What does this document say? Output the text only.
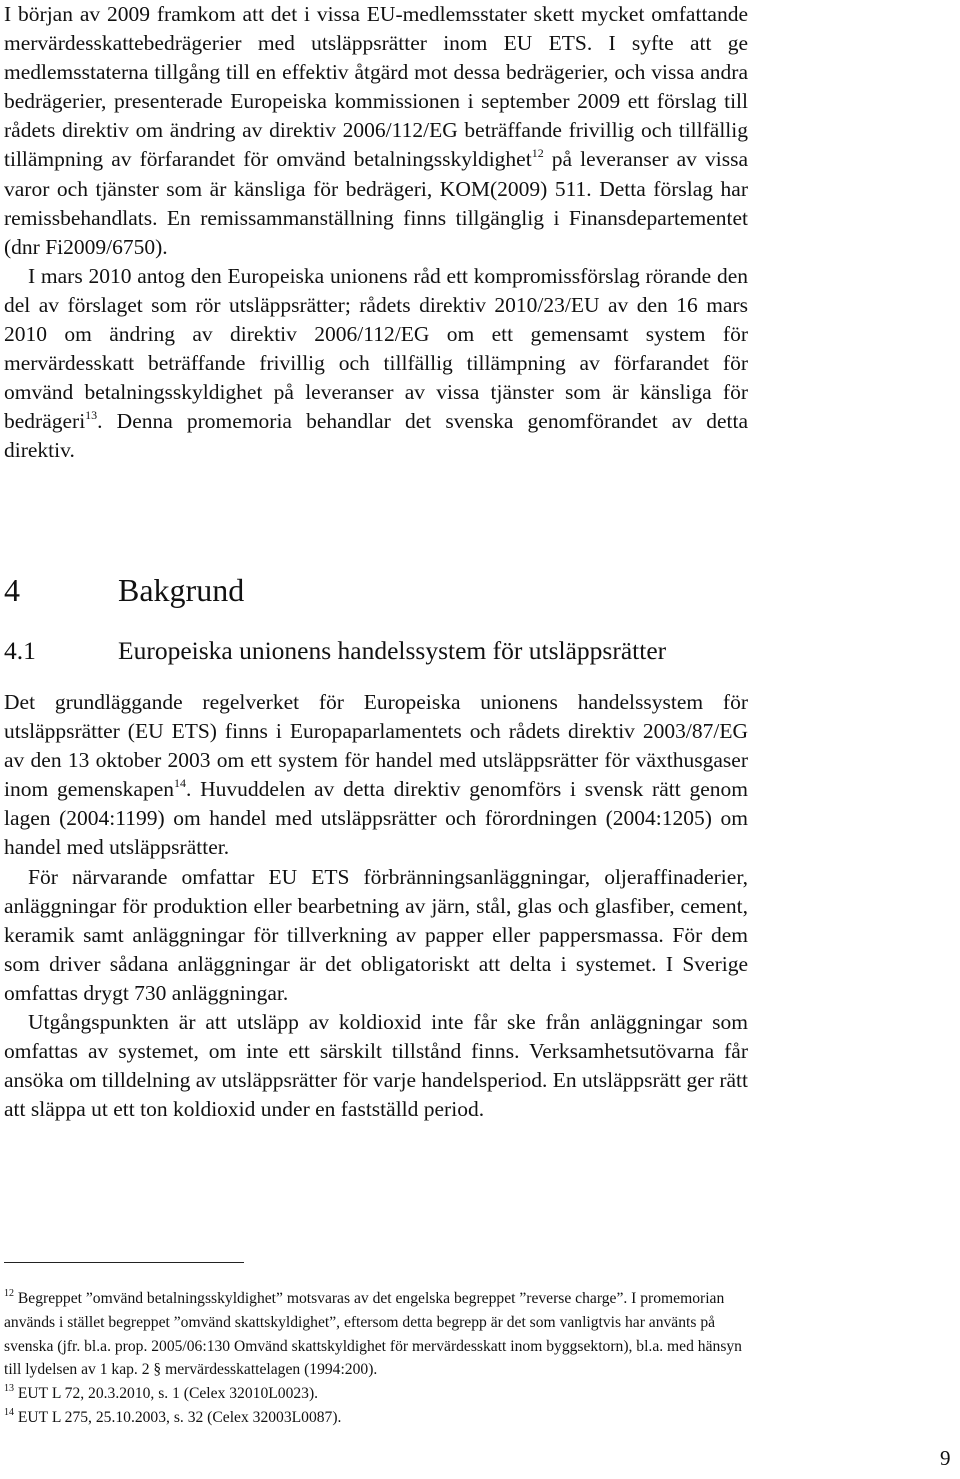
I början av 2009 framkom att det i vissa EU-medlemsstater skett mycket omfattande mervärdesskattebedrägerier med utsläppsrätter inom EU ETS. I syfte att ge medlemsstaterna tillgång till en effektiv åtgärd mot dessa bedrägerier, och vissa andra bedrägerier, presenterade Europeiska kommissionen i september 2009 ett förslag till rådets direktiv om ändring av direktiv 2006/112/EG beträffande frivillig och tillfällig tillämpning av förfarandet för omvänd betalningsskyldighet$^{12}$ på leveranser av vissa varor och tjänster som är känsliga för bedrägeri, KOM(2009) 511. Detta förslag har remissbehandlats. En remissammanställning finns tillgänglig i Finansdepartementet (dnr Fi2009/6750).

I mars 2010 antog den Europeiska unionens råd ett kompromissförslag rörande den del av förslaget som rör utsläppsrätter; rådets direktiv 2010/23/EU av den 16 mars 2010 om ändring av direktiv 2006/112/EG om ett gemensamt system för mervärdesskatt beträffande frivillig och tillfällig tillämpning av förfarandet för omvänd betalningsskyldighet på leveranser av vissa tjänster som är känsliga för bedrägeri$^{13}$. Denna promemoria behandlar det svenska genomförandet av detta direktiv.

4	Bakgrund
4.1	Europeiska unionens handelssystem för utsläppsrätter

Det grundläggande regelverket för Europeiska unionens handelssystem för utsläppsrätter (EU ETS) finns i Europaparlamentets och rådets direktiv 2003/87/EG av den 13 oktober 2003 om ett system för handel med utsläppsrätter för växthusgaser inom gemenskapen$^{14}$. Huvuddelen av detta direktiv genomförs i svensk rätt genom lagen (2004:1199) om handel med utsläppsrätter och förordningen (2004:1205) om handel med utsläppsrätter.

För närvarande omfattar EU ETS förbränningsanläggningar, oljeraffinaderier, anläggningar för produktion eller bearbetning av järn, stål, glas och glasfiber, cement, keramik samt anläggningar för tillverkning av papper eller pappersmassa. För dem som driver sådana anläggningar är det obligatoriskt att delta i systemet. I Sverige omfattas drygt 730 anläggningar.

Utgångspunkten är att utsläpp av koldioxid inte får ske från anläggningar som omfattas av systemet, om inte ett särskilt tillstånd finns. Verksamhetsutövarna får ansöka om tilldelning av utsläppsrätter för varje handelsperiod. En utsläppsrätt ger rätt att släppa ut ett ton koldioxid under en fastställd period.

$^{12}$ Begreppet ”omvänd betalningsskyldighet” motsvaras av det engelska begreppet ”reverse charge”. I promemorian används i stället begreppet ”omvänd skattskyldighet”, eftersom detta begrepp är det som vanligtvis har använts på svenska (jfr. bl.a. prop. 2005/06:130 Omvänd skattskyldighet för mervärdesskatt inom byggsektorn), bl.a. med hänsyn till lydelsen av 1 kap. 2 § mervärdesskattelagen (1994:200).

$^{13}$ EUT L 72, 20.3.2010, s. 1 (Celex 32010L0023).

$^{14}$ EUT L 275, 25.10.2003, s. 32 (Celex 32003L0087).

9
